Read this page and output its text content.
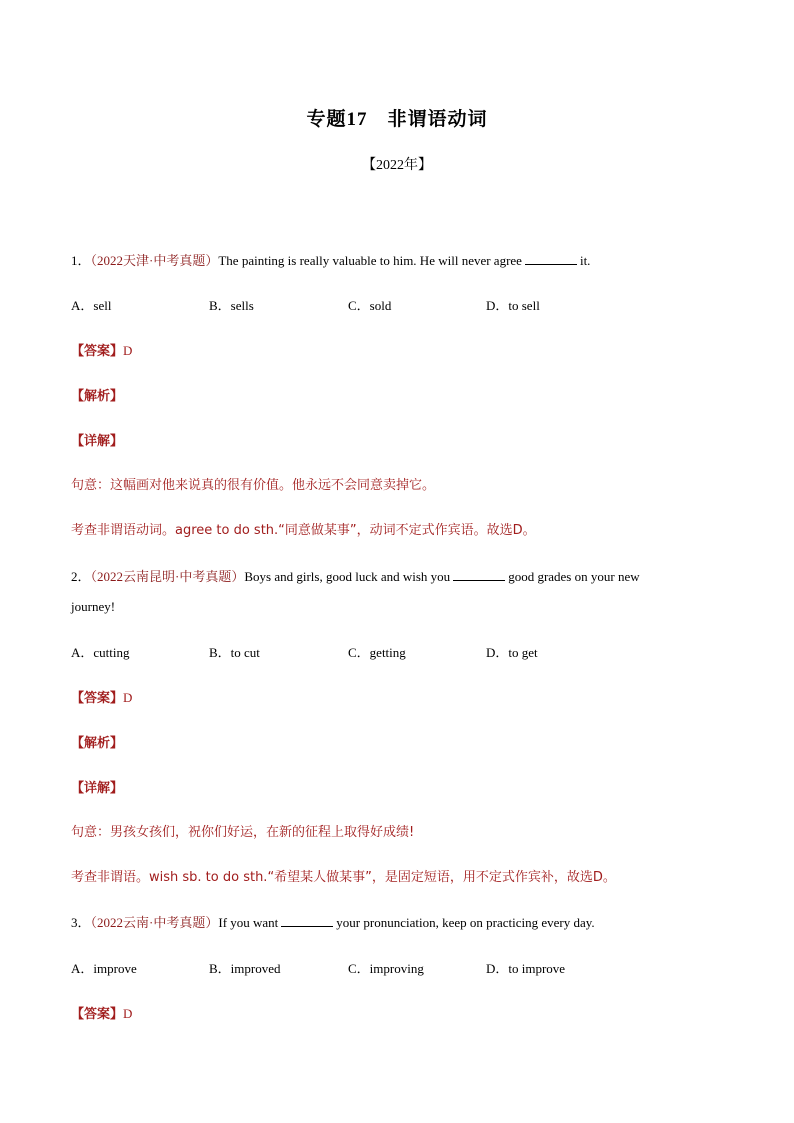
专题17　非谓语动词
【2022年】
1．（2022天津·中考真题）The painting is really valuable to him. He will never agree	it.
A．sell	B．sells	C．sold	D．to sell
【答案】D
【解析】
【详解】
句意：这幅画对他来说真的很有价值。他永远不会同意卖掉它。
考查非谓语动词。agree to do sth.“同意做某事”，动词不定式作宾语。故选D。
2．（2022云南昆明·中考真题）Boys and girls, good luck and wish you	good grades on your new
journey!
A．cutting	B．to cut	C．getting	D．to get
【答案】D
【解析】
【详解】
句意：男孩女孩们，祝你们好运，在新的征程上取得好成绩!
考查非谓语。wish sb. to do sth.“希望某人做某事”，是固定短语，用不定式作宾补，故选D。
3．（2022云南·中考真题）If you want	your pronunciation, keep on practicing every day.
A．improve	B．improved	C．improving	D．to improve
【答案】D
